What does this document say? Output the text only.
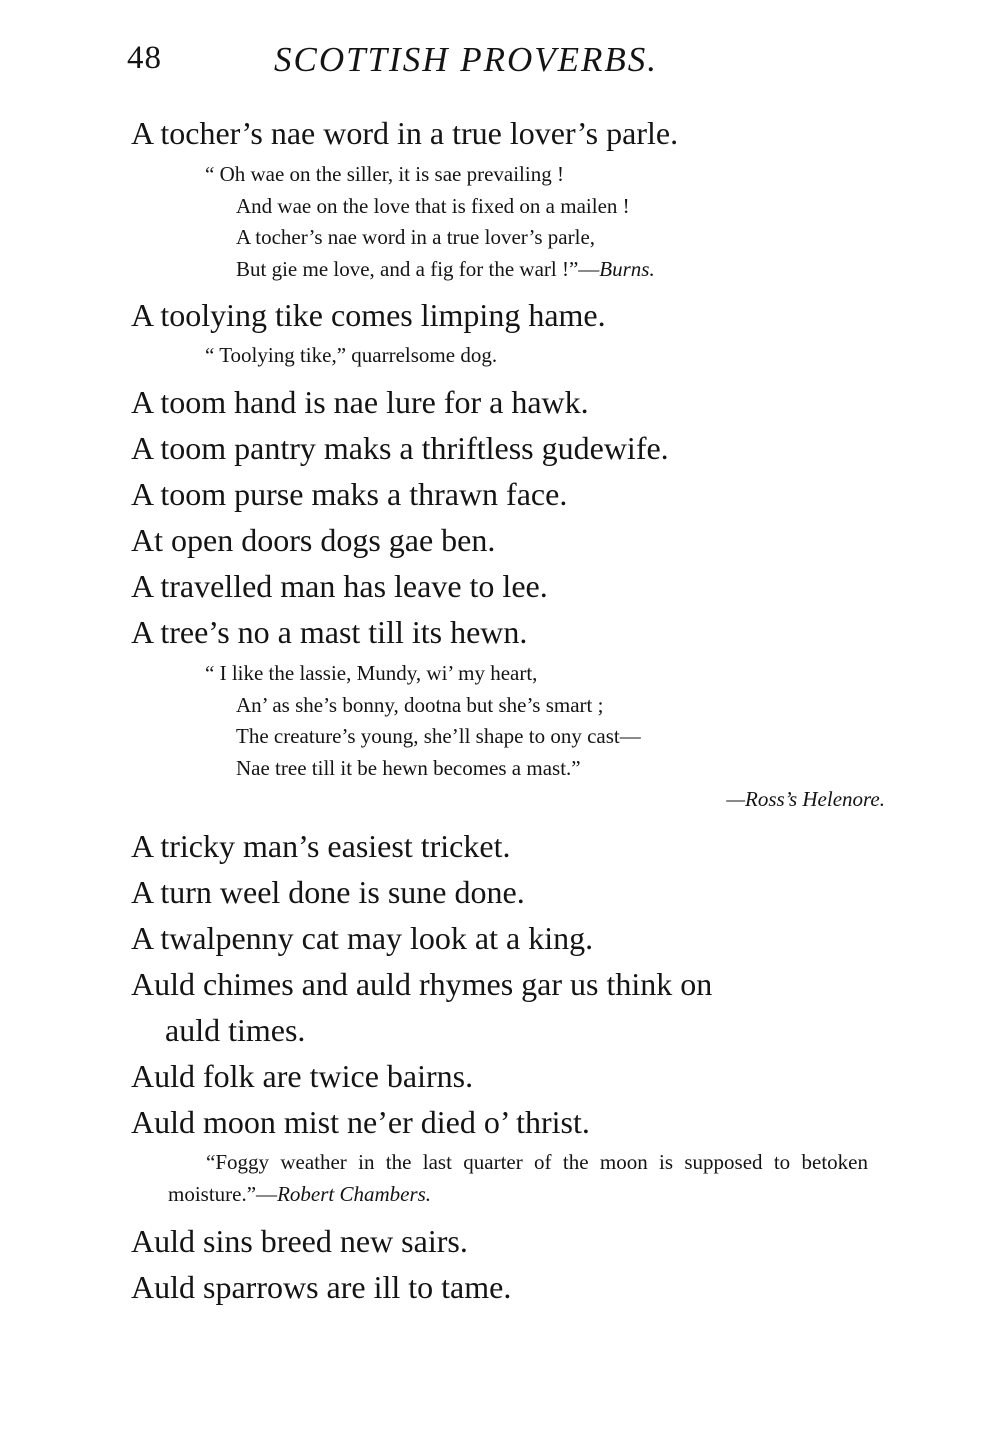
48	SCOTTISH PROVERBS.
A tocher’s nae word in a true lover’s parle.
“ Oh wae on the siller, it is sae prevailing !
And wae on the love that is fixed on a mailen !
A tocher’s nae word in a true lover’s parle,
But gie me love, and a fig for the warl !”—Burns.
A toolying tike comes limping hame.
“ Toolying tike,” quarrelsome dog.
A toom hand is nae lure for a hawk.
A toom pantry maks a thriftless gudewife.
A toom purse maks a thrawn face.
At open doors dogs gae ben.
A travelled man has leave to lee.
A tree’s no a mast till its hewn.
“ I like the lassie, Mundy, wi’ my heart,
An’ as she’s bonny, dootna but she’s smart ;
The creature’s young, she’ll shape to ony cast—
Nae tree till it be hewn becomes a mast.”
—Ross’s Helenore.
A tricky man’s easiest tricket.
A turn weel done is sune done.
A twalpenny cat may look at a king.
Auld chimes and auld rhymes gar us think on
auld times.
Auld folk are twice bairns.
Auld moon mist ne’er died o’ thrist.
“Foggy weather in the last quarter of the moon is supposed to betoken moisture.”—Robert Chambers.
Auld sins breed new sairs.
Auld sparrows are ill to tame.
